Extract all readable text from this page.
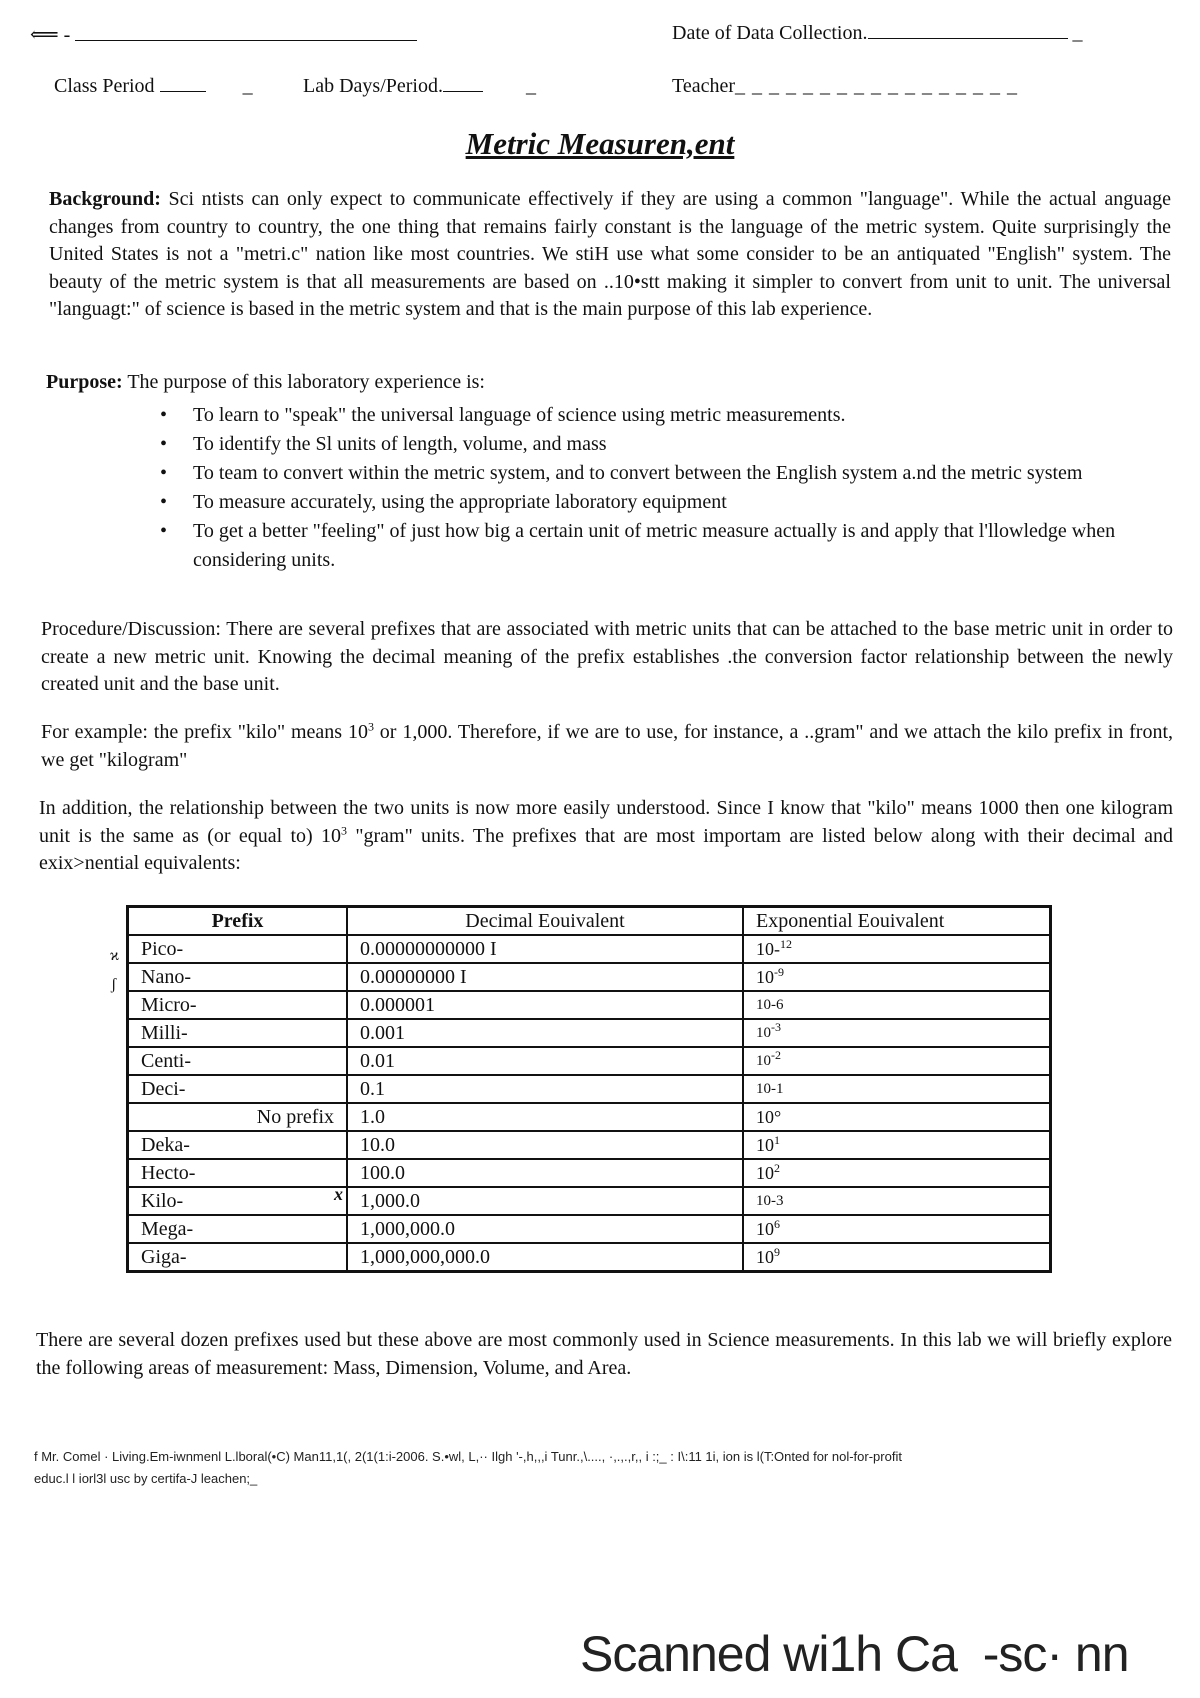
⟸ -	Date of Data Collection.	_
Class Period	_	Lab Days/Period.	_	Teacher_ _ _ _ _ _ _ _ _ _ _ _ _ _ _ _ _
Metric Measuren,ent
Background: Sci ntists can only expect to communicate effectively if they are using a common "language". While the actual anguage changes from country to country, the one thing that remains fairly constant is the language of the metric system. Quite surprisingly the United States is not a "metri.c" nation like most countries. We stiH use what some consider to be an antiquated "English" system. The beauty of the metric system is that all measurements are based on ..10•stt making it simpler to convert from unit to unit. The universal "languagt:" of science is based in the metric system and that is the main purpose of this lab experience.
Purpose: The purpose of this laboratory experience is:
• To learn to "speak" the universal language of science using metric measurements.
• To identify the Sl units of length, volume, and mass
• To team to convert within the metric system, and to convert between the English system a.nd the metric system
• To measure accurately, using the appropriate laboratory equipment
• To get a better "feeling" of just how big a certain unit of metric measure actually is and apply that l'llowledge when considering units.
Procedure/Discussion: There are several prefixes that are associated with metric units that can be attached to the base metric unit in order to create a new metric unit. Knowing the decimal meaning of the prefix establishes .the conversion factor relationship between the newly created unit and the base unit.
For example: the prefix "kilo" means $10^3$ or 1,000. Therefore, if we are to use, for instance, a ..gram" and we attach the kilo prefix in front, we get "kilogram"
In addition, the relationship between the two units is now more easily understood. Since I know that "kilo" means 1000 then one kilogram unit is the same as (or equal to) $10^3$ "gram" units. The prefixes that are most importam are listed below along with their decimal and exix>nential equivalents:
ϰ
ʃ
Prefix	Decimal Eouivalent	Exponential Eouivalent
Pico-	0.00000000000 I	10-$^{12}$
Nano-	0.00000000 I	$10^{-9}$
Micro-	0.000001	10-6
Milli-	0.001	$10^{-3}$
Centi-	0.01	$10^{-2}$
Deci-	0.1	10-1
No prefix	1.0	10°
Deka-	10.0	$10^1$
Hecto-	100.0	$10^2$
Kilo- x	1,000.0	10-3
Mega-	1,000,000.0	$10^6$
Giga-	1,000,000,000.0	$10^9$
There are several dozen prefixes used but these above are most commonly used in Science measurements. In this lab we will briefly explore the following areas of measurement: Mass, Dimension, Volume, and Area.
f Mr. Comel · Living.Em-iwnmenl L.lboral(•C) Man11,1(, 2(1(1:i-2006. S.•wl, L,·· Ilgh '-,h,,,i Tunr.,\...., ·,.,.,r,, i :;_ : I\:11 1i, ion is l(T:Onted for nol-for-profit
educ.l l iorl3l usc by certifa-J leachen;_
Scanned wi1h Ca  -sc· nn
